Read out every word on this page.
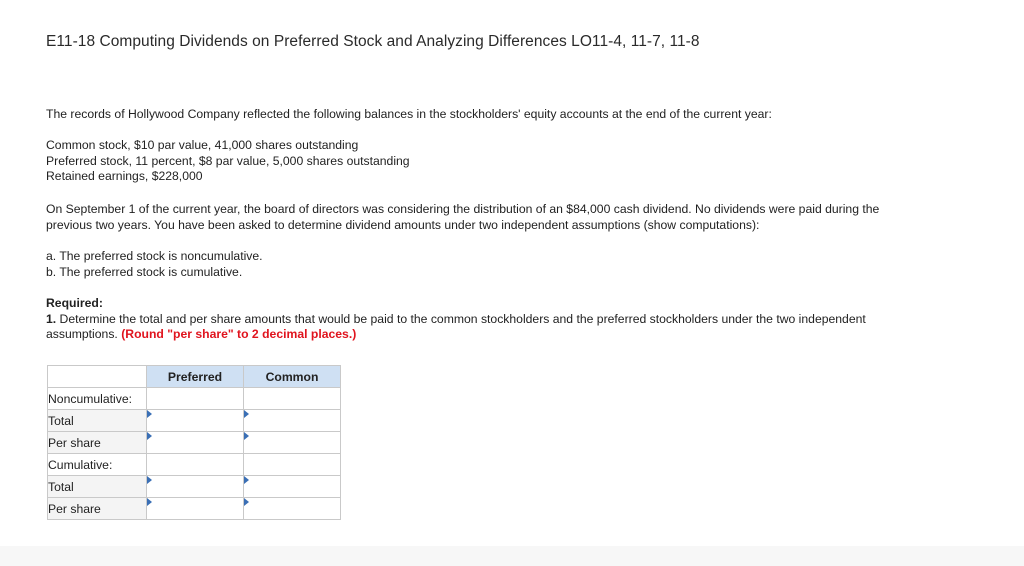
E11-18 Computing Dividends on Preferred Stock and Analyzing Differences LO11-4, 11-7, 11-8
The records of Hollywood Company reflected the following balances in the stockholders' equity accounts at the end of the current year:
Common stock, $10 par value, 41,000 shares outstanding
Preferred stock, 11 percent, $8 par value, 5,000 shares outstanding
Retained earnings, $228,000
On September 1 of the current year, the board of directors was considering the distribution of an $84,000 cash dividend. No dividends were paid during the
previous two years. You have been asked to determine dividend amounts under two independent assumptions (show computations):
a. The preferred stock is noncumulative.
b. The preferred stock is cumulative.
Required:
1. Determine the total and per share amounts that would be paid to the common stockholders and the preferred stockholders under the two independent
assumptions. (Round "per share" to 2 decimal places.)
	Preferred	Common
Noncumulative:		
Total	

Per share	

Cumulative:		
Total	

Per share	
